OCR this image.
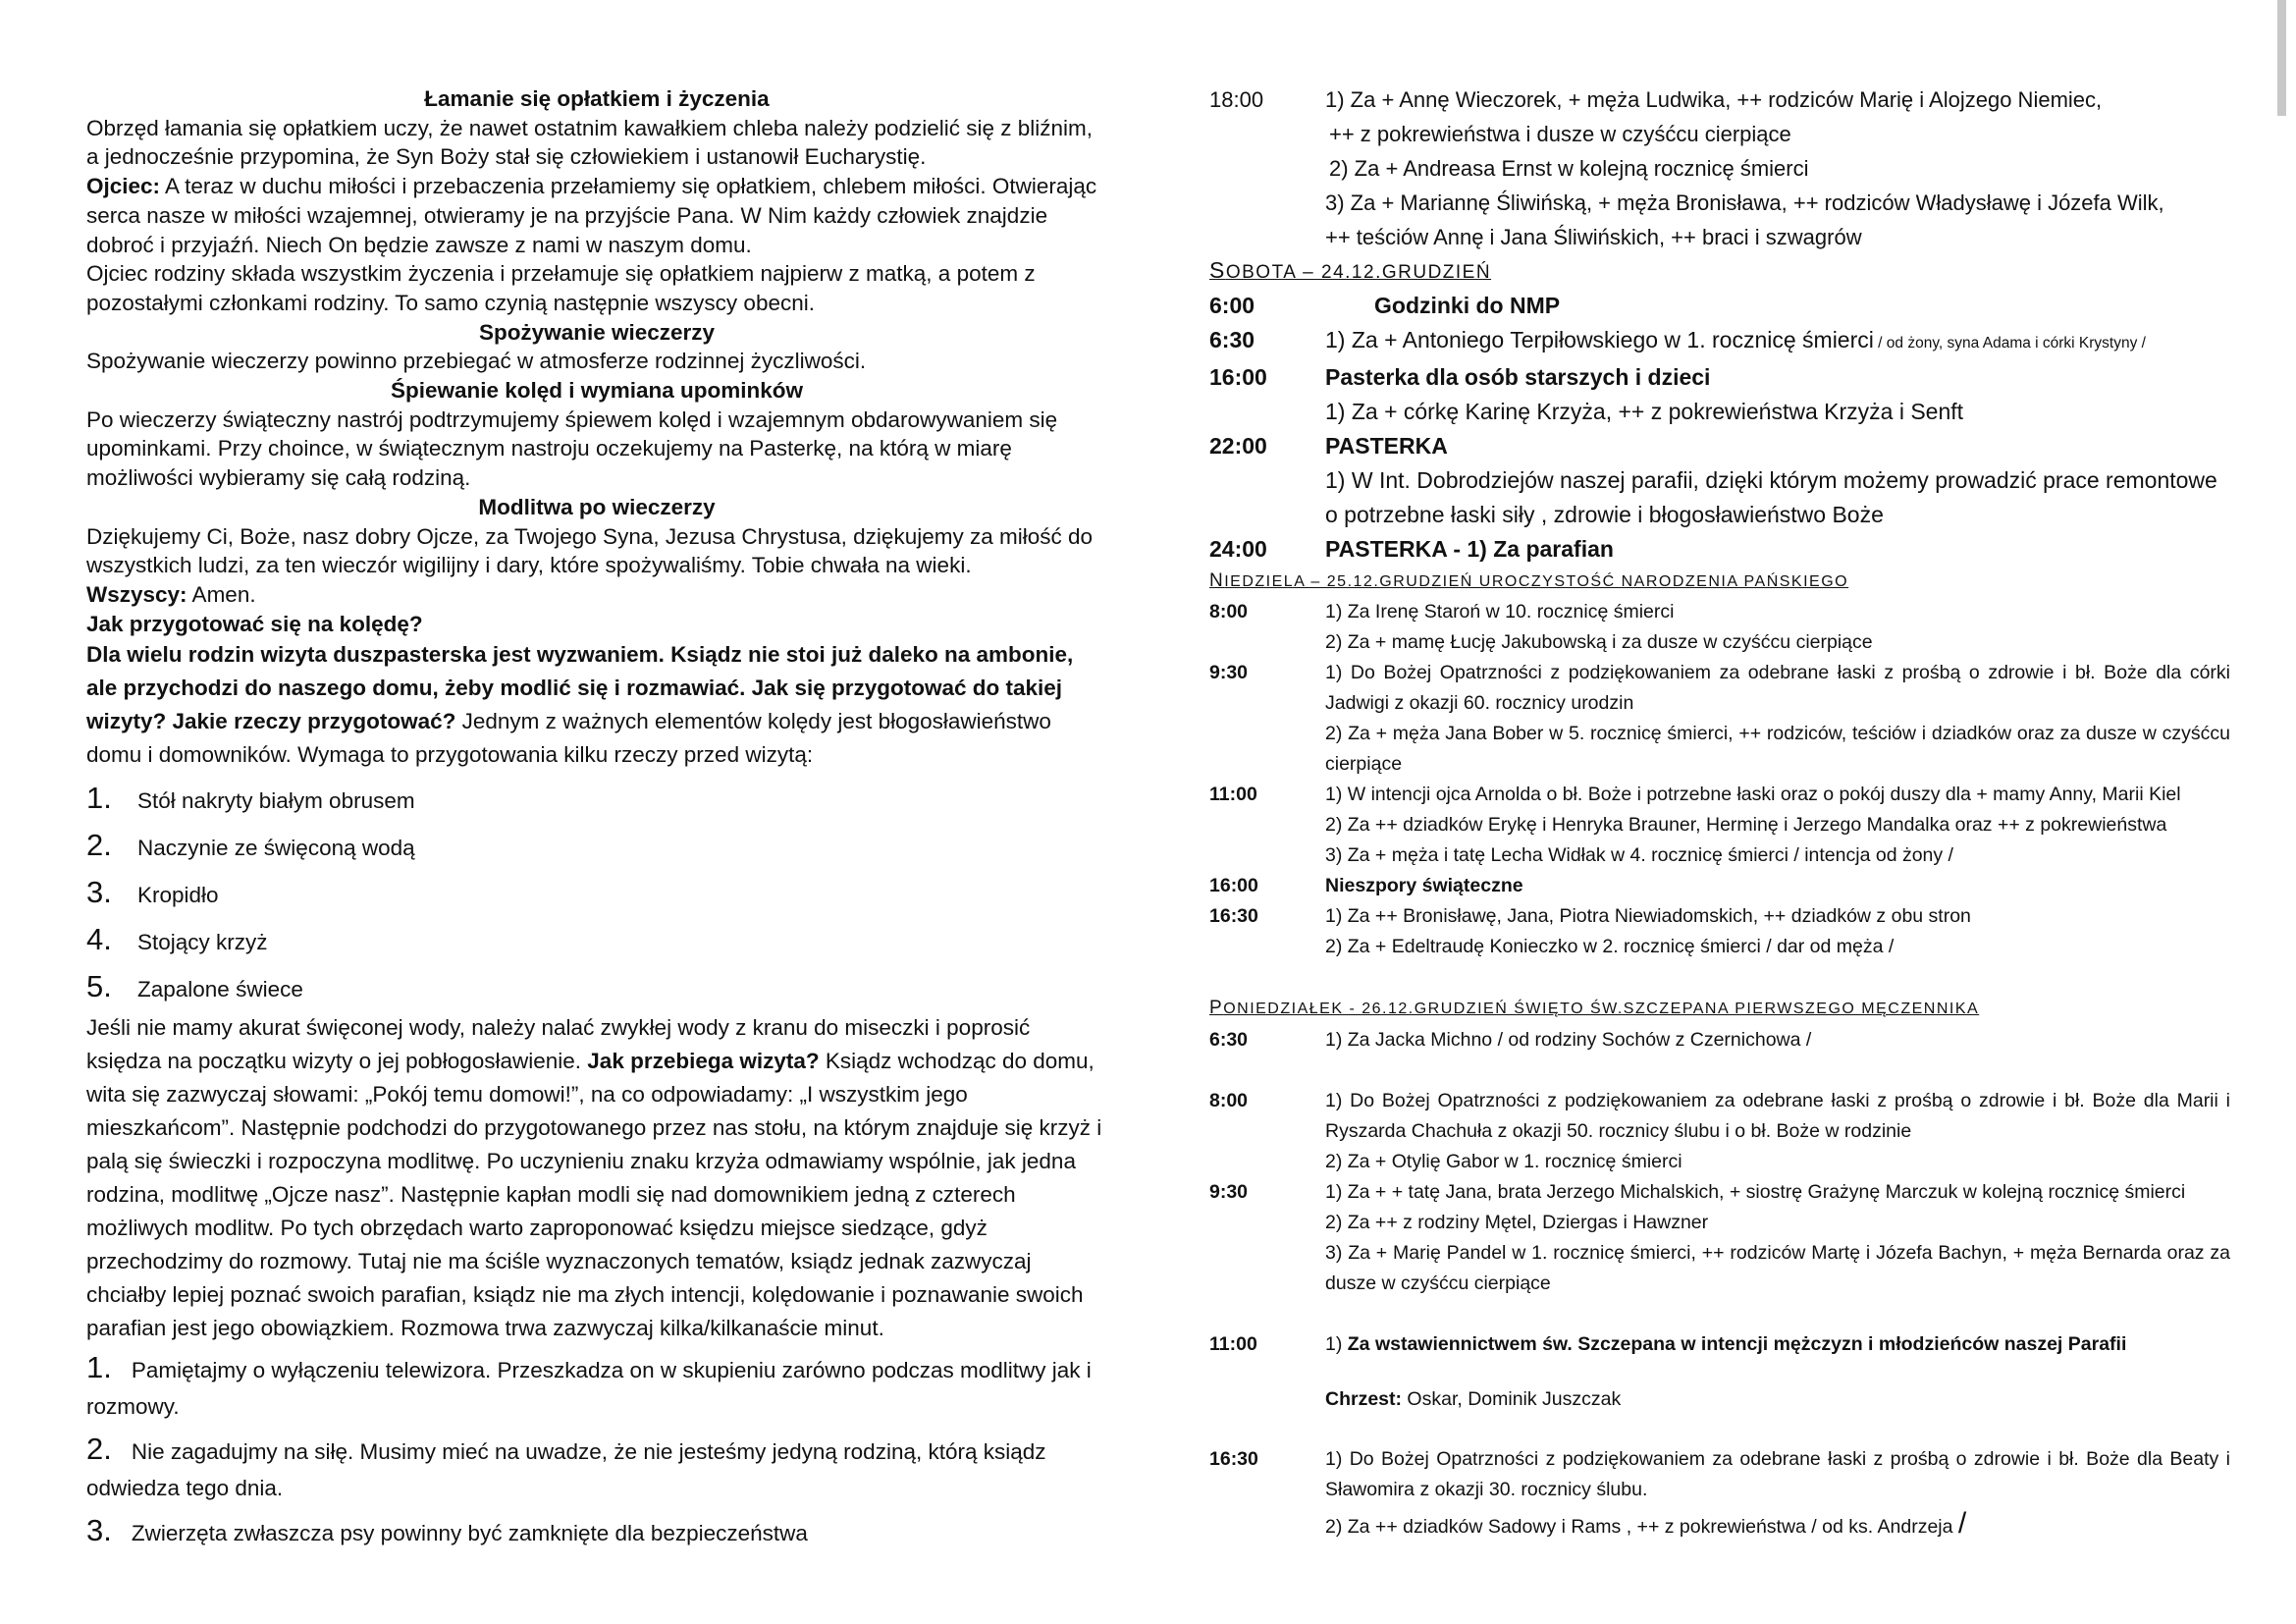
Łamanie się opłatkiem i życzenia

Obrzęd łamania się opłatkiem uczy, że nawet ostatnim kawałkiem chleba należy podzielić się z bliźnim, a jednocześnie przypomina, że Syn Boży stał się człowiekiem i ustanowił Eucharystię.

Ojciec: A teraz w duchu miłości i przebaczenia przełamiemy się opłatkiem, chlebem miłości. Otwierając serca nasze w miłości wzajemnej, otwieramy je na przyjście Pana. W Nim każdy człowiek znajdzie dobroć i przyjaźń. Niech On będzie zawsze z nami w naszym domu.

Ojciec rodziny składa wszystkim życzenia i przełamuje się opłatkiem najpierw z matką, a potem z pozostałymi członkami rodziny. To samo czynią następnie wszyscy obecni.

Spożywanie wieczerzy

Spożywanie wieczerzy powinno przebiegać w atmosferze rodzinnej życzliwości.

Śpiewanie kolęd i wymiana upominków

Po wieczerzy świąteczny nastrój podtrzymujemy śpiewem kolęd i wzajemnym obdarowywaniem się upominkami. Przy choince, w świątecznym nastroju oczekujemy na Pasterkę, na którą w miarę możliwości wybieramy się całą rodziną.

Modlitwa po wieczerzy

Dziękujemy Ci, Boże, nasz dobry Ojcze, za Twojego Syna, Jezusa Chrystusa, dziękujemy za miłość do wszystkich ludzi, za ten wieczór wigilijny i dary, które spożywaliśmy. Tobie chwała na wieki.

Wszyscy: Amen.

Jak przygotować się na kolędę?

Dla wielu rodzin wizyta duszpasterska jest wyzwaniem. Ksiądz nie stoi już daleko na ambonie, ale przychodzi do naszego domu, żeby modlić się i rozmawiać. Jak się przygotować do takiej wizyty? Jakie rzeczy przygotować? Jednym z ważnych elementów kolędy jest błogosławieństwo domu i domowników. Wymaga to przygotowania kilku rzeczy przed wizytą:

1.	Stół nakryty białym obrusem
2.	Naczynie ze święconą wodą
3.	Kropidło
4.	Stojący krzyż
5.	Zapalone świece

Jeśli nie mamy akurat święconej wody, należy nalać zwykłej wody z kranu do miseczki i poprosić księdza na początku wizyty o jej pobłogosławienie. Jak przebiega wizyta? Ksiądz wchodząc do domu, wita się zazwyczaj słowami: „Pokój temu domowi!”, na co odpowiadamy: „I wszystkim jego mieszkańcom”. Następnie podchodzi do przygotowanego przez nas stołu, na którym znajduje się krzyż i palą się świeczki i rozpoczyna modlitwę. Po uczynieniu znaku krzyża odmawiamy wspólnie, jak jedna rodzina, modlitwę „Ojcze nasz”. Następnie kapłan modli się nad domownikiem jedną z czterech możliwych modlitw. Po tych obrzędach warto zaproponować księdzu miejsce siedzące, gdyż przechodzimy do rozmowy. Tutaj nie ma ściśle wyznaczonych tematów, ksiądz jednak zazwyczaj chciałby lepiej poznać swoich parafian, ksiądz nie ma złych intencji, kolędowanie i poznawanie swoich parafian jest jego obowiązkiem. Rozmowa trwa zazwyczaj kilka/kilkanaście minut.

1. Pamiętajmy o wyłączeniu telewizora. Przeszkadza on w skupieniu zarówno podczas modlitwy jak i rozmowy.

2. Nie zagadujmy na siłę. Musimy mieć na uwadze, że nie jesteśmy jedyną rodziną, którą ksiądz odwiedza tego dnia.

3. Zwierzęta zwłaszcza psy powinny być zamknięte dla bezpieczeństwa

18:00	1) Za + Annę Wieczorek, + męża Ludwika, ++ rodziców Marię i Alojzego Niemiec,
++ z pokrewieństwa i dusze w czyśćcu cierpiące
2) Za + Andreasa Ernst w kolejną rocznicę śmierci
3) Za + Mariannę Śliwińską, + męża Bronisława, ++ rodziców Władysławę i Józefa Wilk,
++ teściów Annę i Jana Śliwińskich, ++ braci i szwagrów
SOBOTA – 24.12.GRUDZIEŃ
6:00	Godzinki do NMP
6:30	1) Za + Antoniego Terpiłowskiego w 1. rocznicę śmierci / od żony, syna Adama i córki Krystyny /
16:00	Pasterka dla osób starszych i dzieci
1) Za + córkę Karinę Krzyża, ++ z pokrewieństwa Krzyża i Senft
22:00	PASTERKA
1) W Int. Dobrodziejów naszej parafii, dzięki którym możemy prowadzić prace remontowe o potrzebne łaski siły , zdrowie i błogosławieństwo Boże
24:00	PASTERKA - 1) Za parafian
NIEDZIELA – 25.12.GRUDZIEŃ UROCZYSTOŚĆ NARODZENIA PAŃSKIEGO
8:00	1) Za Irenę Staroń w 10. rocznicę śmierci
2) Za + mamę Łucję Jakubowską i za dusze w czyśćcu cierpiące
9:30	1) Do Bożej Opatrzności z podziękowaniem za odebrane łaski z prośbą o zdrowie i bł. Boże dla córki Jadwigi z okazji 60. rocznicy urodzin
2) Za + męża Jana Bober w 5. rocznicę śmierci, ++ rodziców, teściów i dziadków oraz za dusze w czyśćcu cierpiące
11:00	1) W intencji ojca Arnolda o bł. Boże i potrzebne łaski oraz o pokój duszy dla + mamy Anny, Marii Kiel
2) Za ++ dziadków Erykę i Henryka Brauner, Herminę i Jerzego Mandalka oraz ++ z pokrewieństwa
3) Za + męża i tatę Lecha Widłak w 4. rocznicę śmierci / intencja od żony /
16:00	Nieszpory świąteczne
16:30	1) Za ++ Bronisławę, Jana, Piotra Niewiadomskich, ++ dziadków z obu stron
2) Za + Edeltraudę Konieczko w 2. rocznicę śmierci / dar od męża /
PONIEDZIAŁEK - 26.12.GRUDZIEŃ ŚWIĘTO ŚW.SZCZEPANA PIERWSZEGO MĘCZENNIKA
6:30	1) Za Jacka Michno / od rodziny Sochów z Czernichowa /
8:00	1) Do Bożej Opatrzności z podziękowaniem za odebrane łaski z prośbą o zdrowie i bł. Boże dla Marii i Ryszarda Chachuła z okazji 50. rocznicy ślubu i o bł. Boże w rodzinie
2) Za + Otylię Gabor w 1. rocznicę śmierci
9:30	1) Za + + tatę Jana, brata Jerzego Michalskich, + siostrę Grażynę Marczuk w kolejną rocznicę śmierci
2) Za ++ z rodziny Mętel, Dziergas i Hawzner
3) Za + Marię Pandel w 1. rocznicę śmierci, ++ rodziców Martę i Józefa Bachyn, + męża Bernarda oraz za dusze w czyśćcu cierpiące
11:00	1) Za wstawiennictwem św. Szczepana w intencji mężczyzn i młodzieńców naszej Parafii
Chrzest: Oskar, Dominik Juszczak
16:30	1) Do Bożej Opatrzności z podziękowaniem za odebrane łaski z prośbą o zdrowie i bł. Boże dla Beaty i Sławomira z okazji 30. rocznicy ślubu.
2) Za ++ dziadków Sadowy i Rams , ++ z pokrewieństwa / od ks. Andrzeja /
